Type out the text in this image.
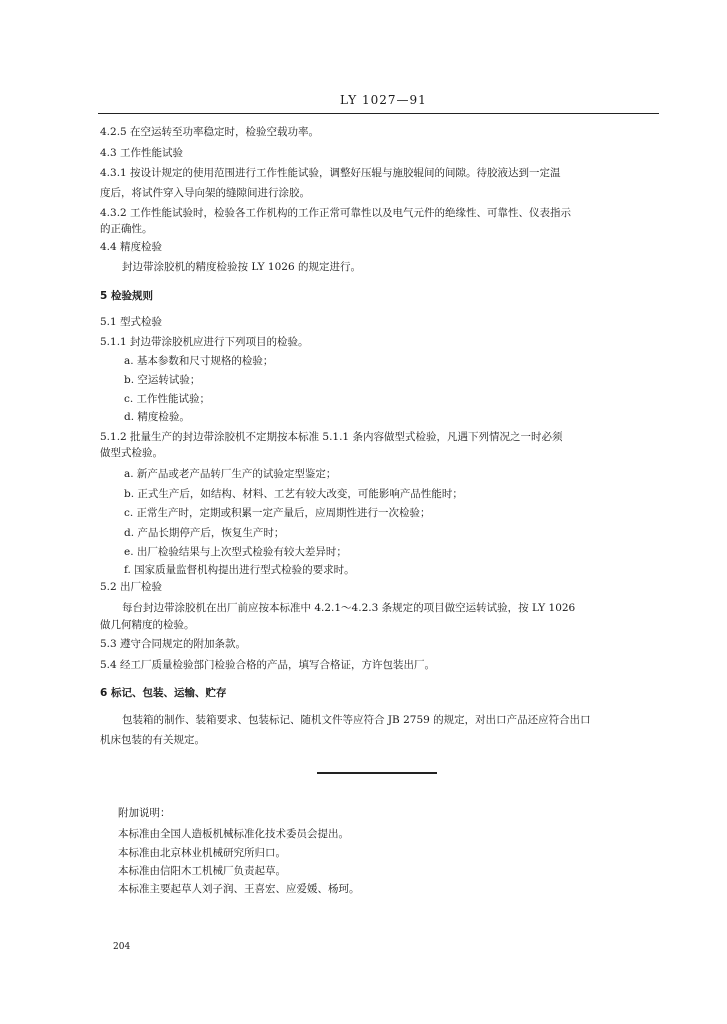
LY 1027—91
4.2.5 在空运转至功率稳定时，检验空载功率。
4.3 工作性能试验
4.3.1 按设计规定的使用范围进行工作性能试验，调整好压辊与施胶辊间的间隙。待胶液达到一定温
度后，将试件穿入导向架的缝隙间进行涂胶。
4.3.2 工作性能试验时，检验各工作机构的工作正常可靠性以及电气元件的绝缘性、可靠性、仪表指示
的正确性。
4.4 精度检验
封边带涂胶机的精度检验按 LY 1026 的规定进行。
5 检验规则
5.1 型式检验
5.1.1 封边带涂胶机应进行下列项目的检验。
a. 基本参数和尺寸规格的检验；
b. 空运转试验；
c. 工作性能试验；
d. 精度检验。
5.1.2 批量生产的封边带涂胶机不定期按本标准 5.1.1 条内容做型式检验，凡遇下列情况之一时必须
做型式检验。
a. 新产品或老产品转厂生产的试验定型鉴定；
b. 正式生产后，如结构、材料、工艺有较大改变，可能影响产品性能时；
c. 正常生产时，定期或积累一定产量后，应周期性进行一次检验；
d. 产品长期停产后，恢复生产时；
e. 出厂检验结果与上次型式检验有较大差异时；
f. 国家质量监督机构提出进行型式检验的要求时。
5.2 出厂检验
每台封边带涂胶机在出厂前应按本标准中 4.2.1～4.2.3 条规定的项目做空运转试验，按 LY 1026
做几何精度的检验。
5.3 遵守合同规定的附加条款。
5.4 经工厂质量检验部门检验合格的产品，填写合格证，方许包装出厂。
6 标记、包装、运输、贮存
包装箱的制作、装箱要求、包装标记、随机文件等应符合 JB 2759 的规定，对出口产品还应符合出口
机床包装的有关规定。
附加说明：
本标准由全国人造板机械标准化技术委员会提出。
本标准由北京林业机械研究所归口。
本标准由信阳木工机械厂负责起草。
本标准主要起草人刘子润、王喜宏、应爱媛、杨珂。
204
